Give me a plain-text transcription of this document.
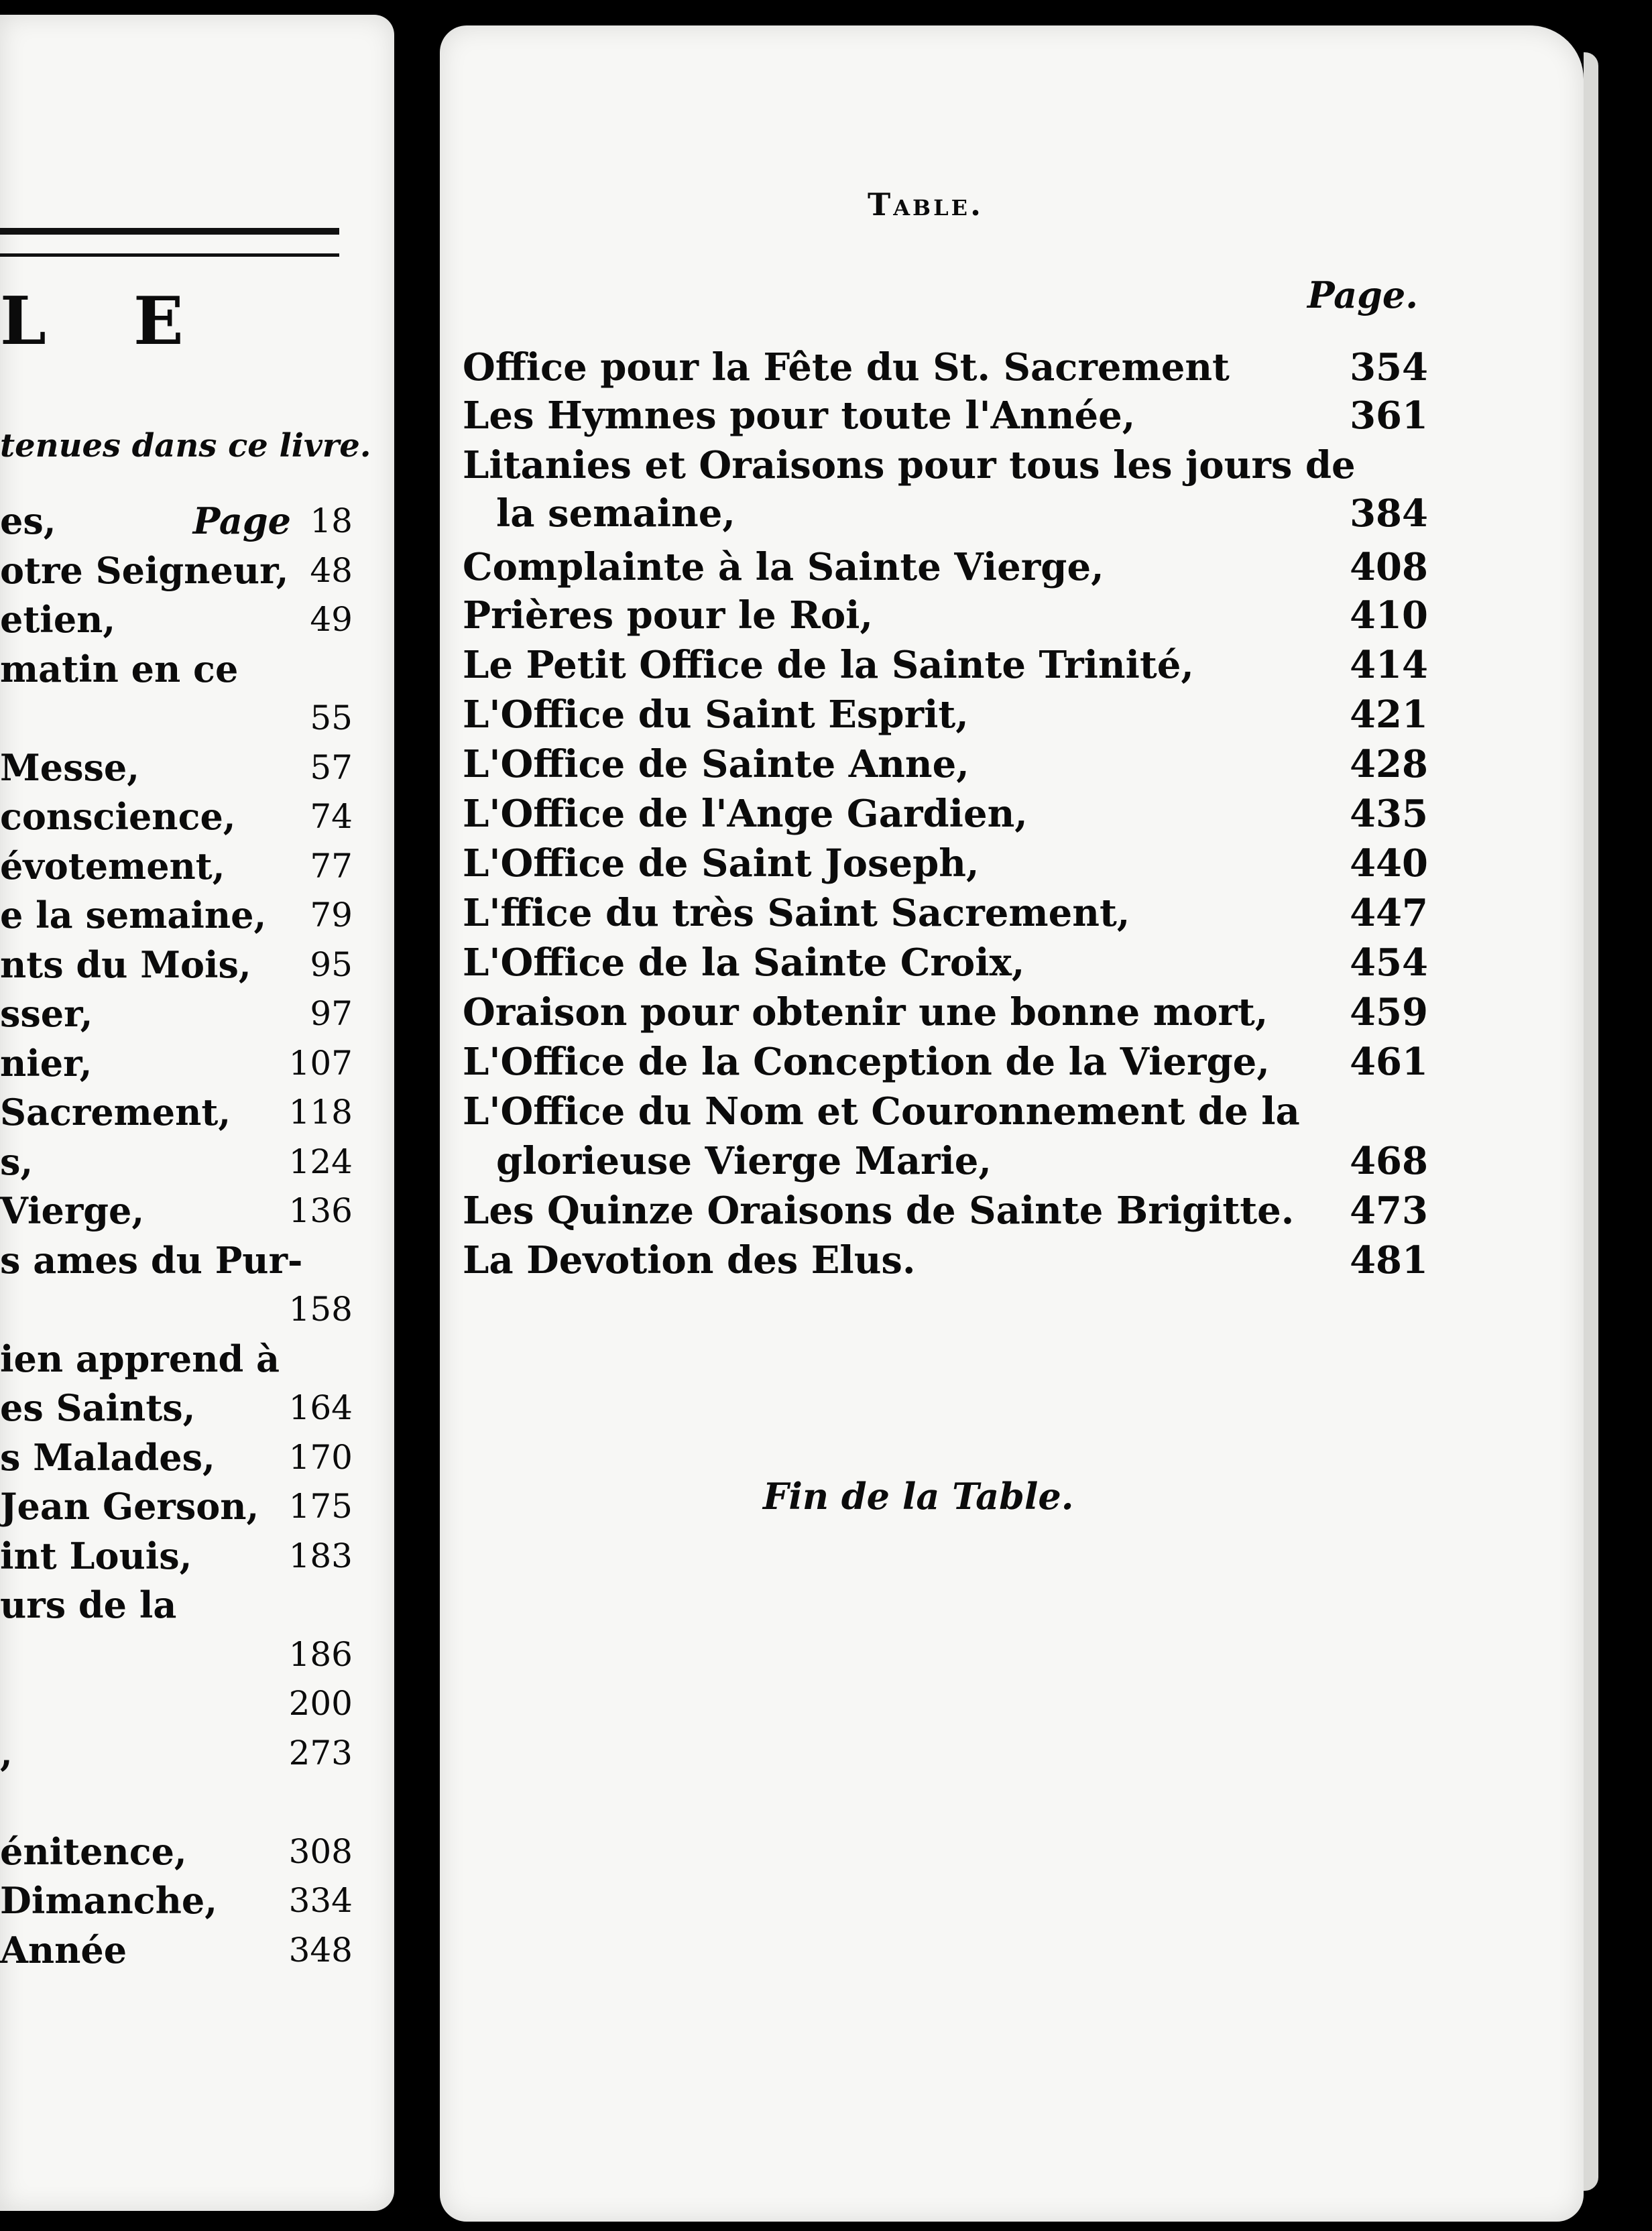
L E
tenues dans ce livre.
es,	Page 18
otre Seigneur, 48
etien,	49
matin en ce
55
Messe,	57
conscience, 74
évotement,	77
e la semaine, 79
nts du Mois, 95
sser,	97
nier,	107
Sacrement, 118
s,	124
Vierge,	136
s ames du Pur-
158
ien apprend à
es Saints,	164
s Malades, 170
Jean Gerson, 175
int Louis,	183
urs de la
186
200
,	273
énitence,	308
Dimanche, 334
Année	348
Table.
Page.
Office pour la Fête du St. Sacrement	354
Les Hymnes pour toute l'Année,	361
Litanies et Oraisons pour tous les jours de
la semaine,	384
Complainte à la Sainte Vierge,	408
Prières pour le Roi,	410
Le Petit Office de la Sainte Trinité,	414
L'Office du Saint Esprit,	421
L'Office de Sainte Anne,	428
L'Office de l'Ange Gardien,	435
L'Office de Saint Joseph,	440
L'ffice du très Saint Sacrement,	447
L'Office de la Sainte Croix,	454
Oraison pour obtenir une bonne mort, 459
L'Office de la Conception de la Vierge, 461
L'Office du Nom et Couronnement de la
glorieuse Vierge Marie,	468
Les Quinze Oraisons de Sainte Brigitte. 473
La Devotion des Elus.	481
Fin de la Table.
